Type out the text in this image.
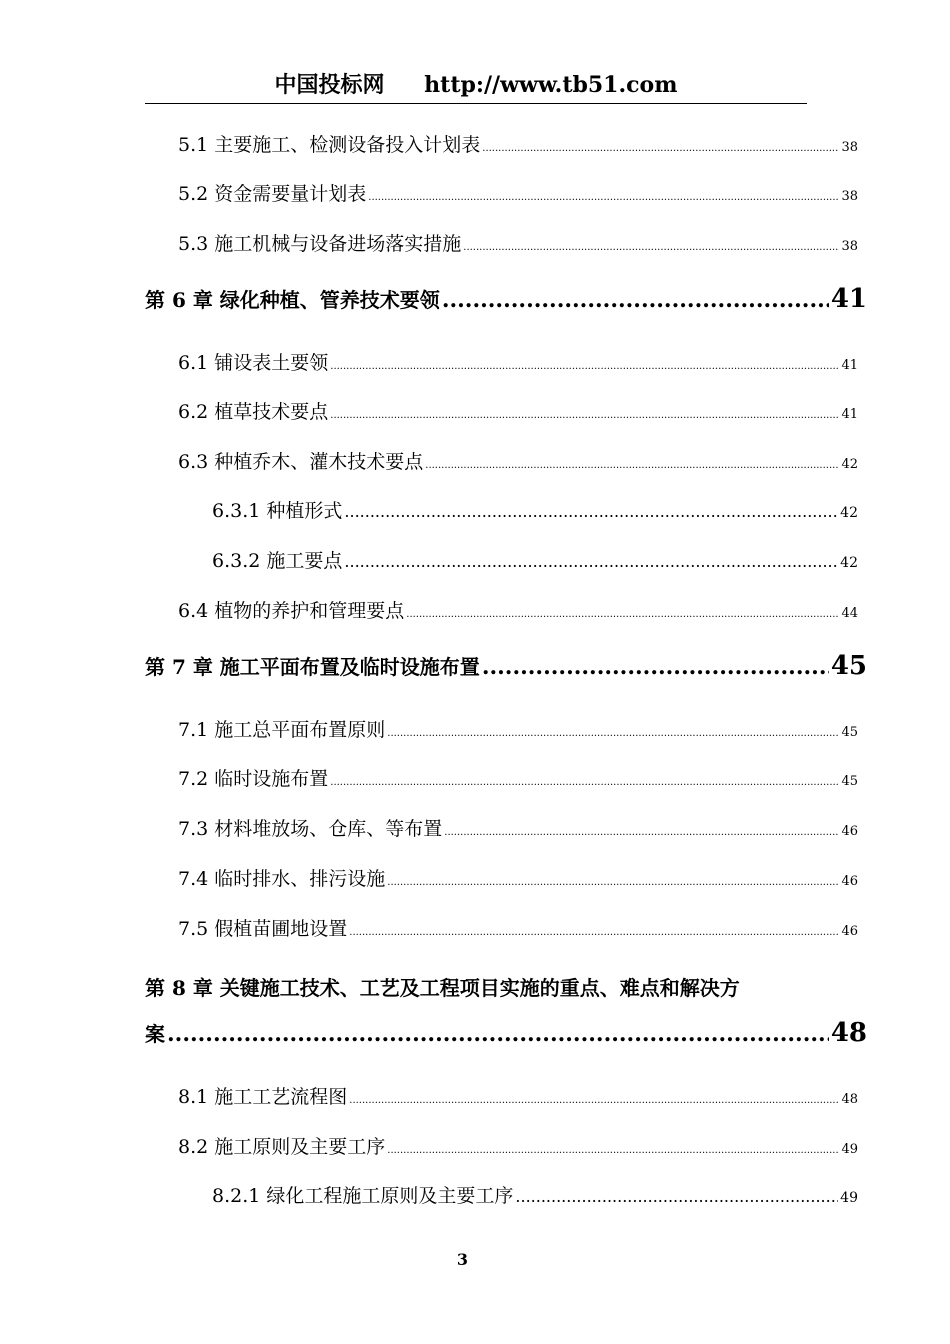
中国投标网 http://www.tb51.com
5.1 主要施工、检测设备投入计划表 .....	38
5.2 资金需要量计划表 .....	38
5.3 施工机械与设备进场落实措施 .....	38
第 6 章 绿化种植、管养技术要领 .....	41
6.1 铺设表土要领 .....	41
6.2 植草技术要点 .....	41
6.3 种植乔木、灌木技术要点 .....	42
6.3.1 种植形式 .....	42
6.3.2 施工要点 .....	42
6.4 植物的养护和管理要点 .....	44
第 7 章 施工平面布置及临时设施布置 .....	45
7.1 施工总平面布置原则 .....	45
7.2 临时设施布置 .....	45
7.3 材料堆放场、仓库、等布置 .....	46
7.4 临时排水、排污设施 .....	46
7.5 假植苗圃地设置 .....	46
第 8 章 关键施工技术、工艺及工程项目实施的重点、难点和解决方
案 .....	48
8.1 施工工艺流程图 .....	48
8.2 施工原则及主要工序 .....	49
8.2.1 绿化工程施工原则及主要工序 .....	49
3
